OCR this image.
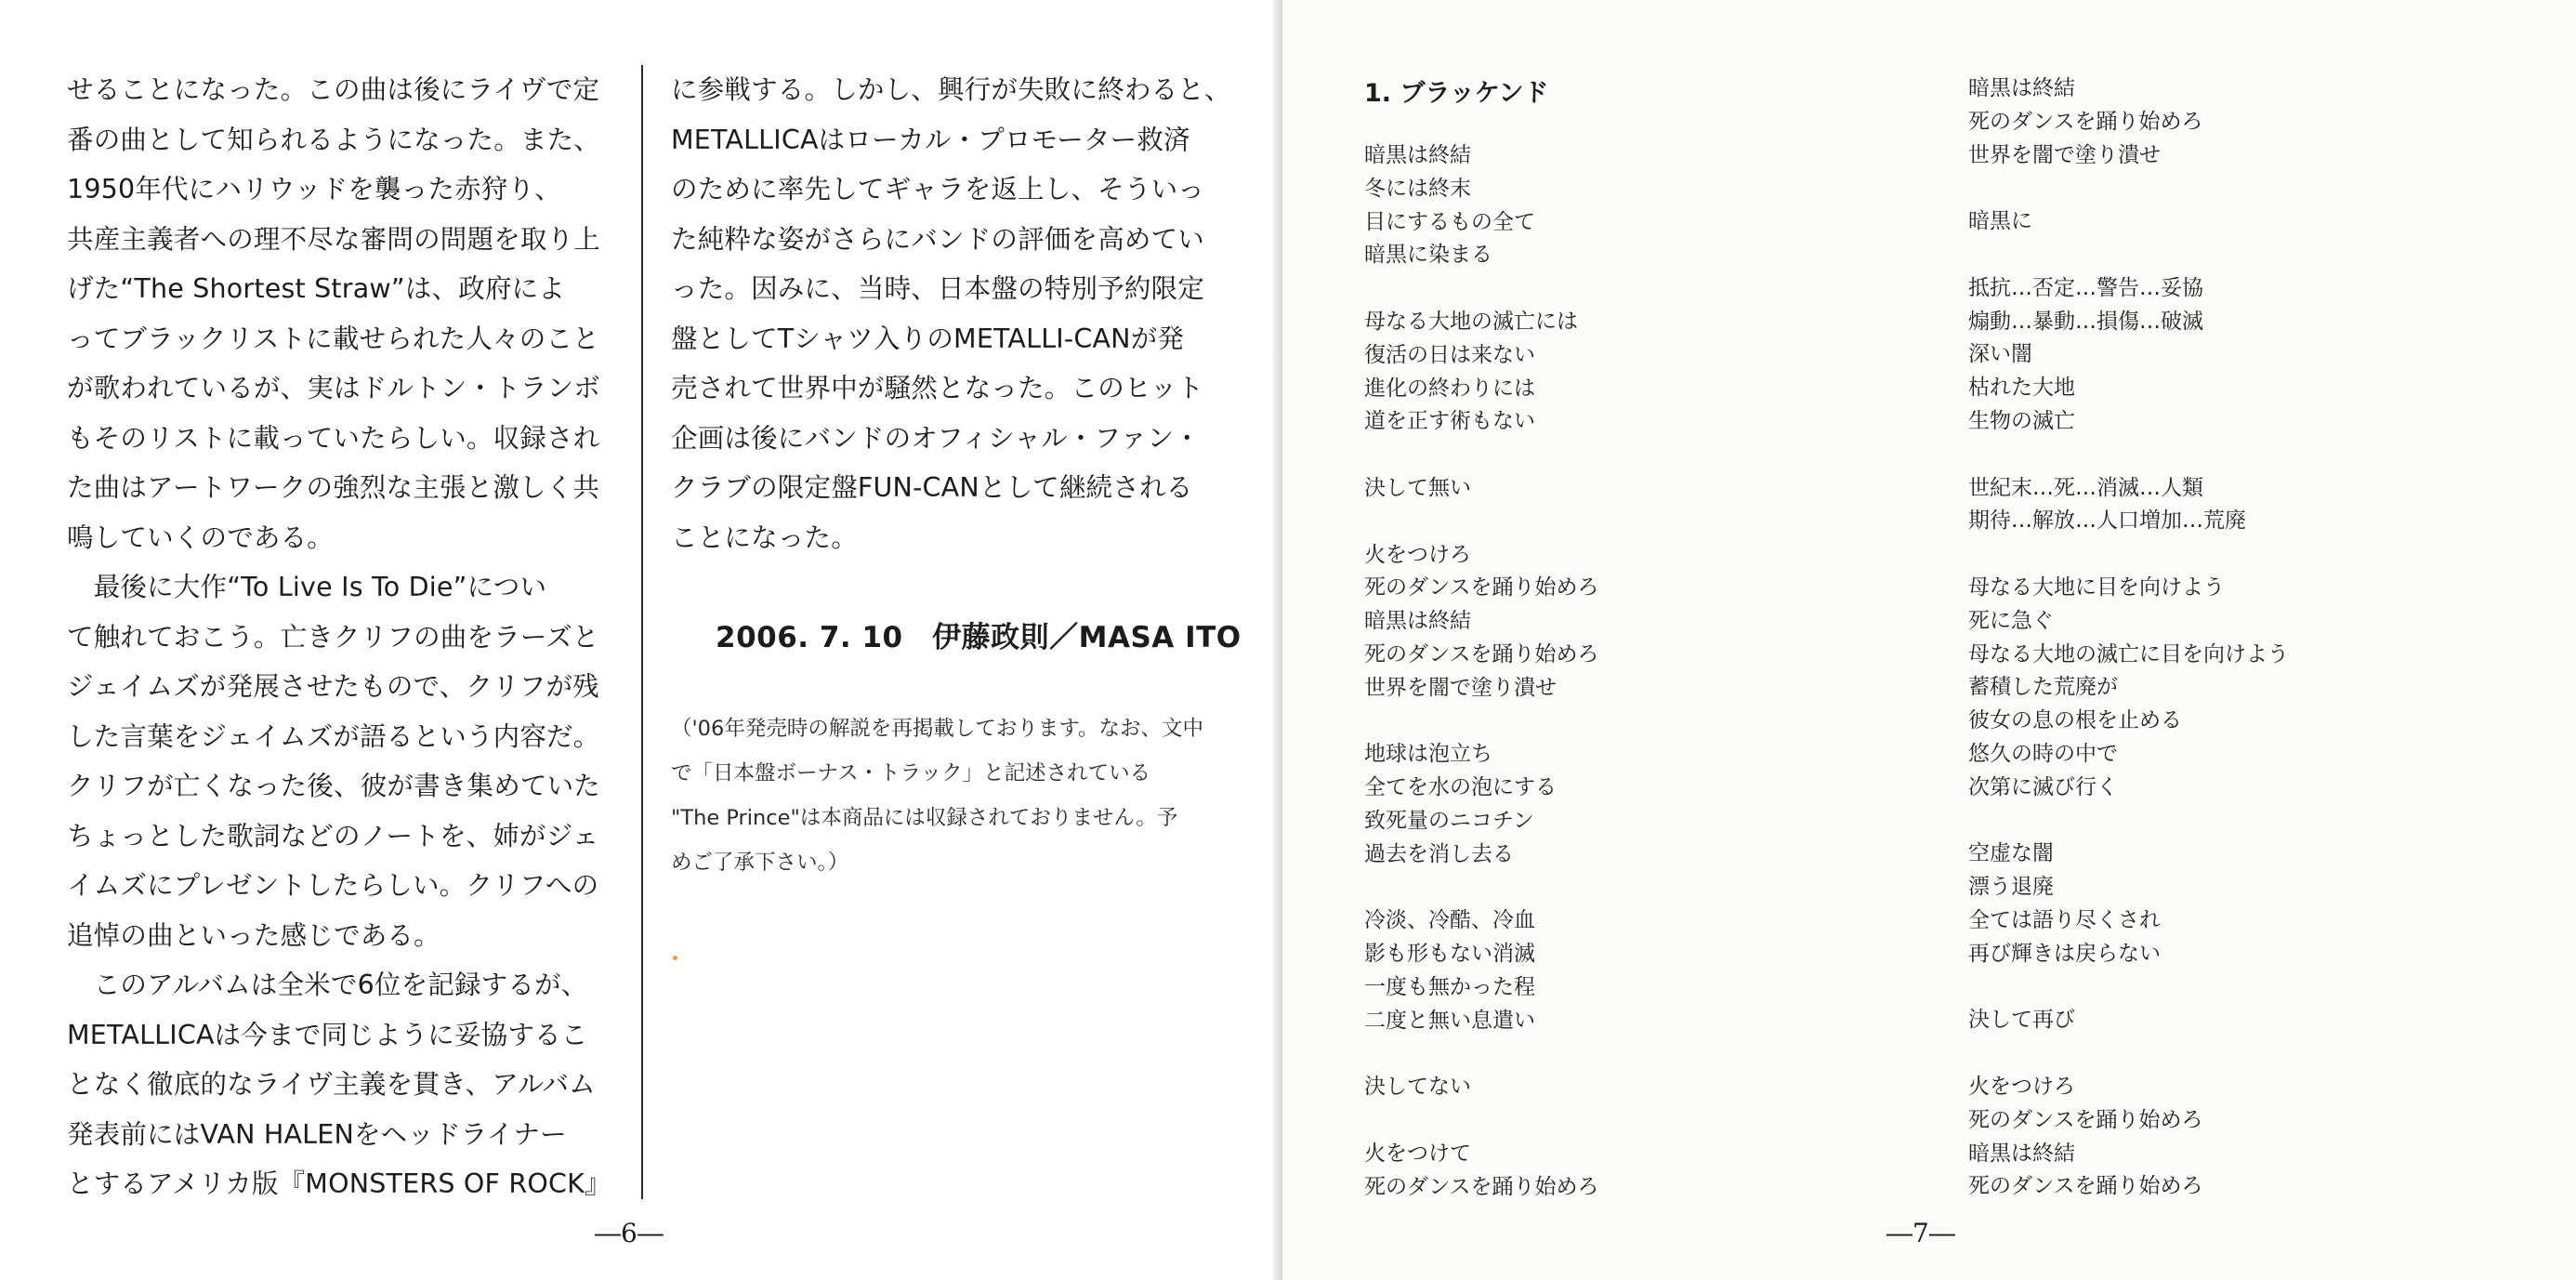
せることになった。この曲は後にライヴで定

番の曲として知られるようになった。また、

1950年代にハリウッドを襲った赤狩り、

共産主義者への理不尽な審問の問題を取り上

げた“The Shortest Straw”は、政府によ

ってブラックリストに載せられた人々のこと

が歌われているが、実はドルトン・トランボ

もそのリストに載っていたらしい。収録され

た曲はアートワークの強烈な主張と激しく共

鳴していくのである。

　最後に大作“To Live Is To Die”につい

て触れておこう。亡きクリフの曲をラーズと

ジェイムズが発展させたもので、クリフが残

した言葉をジェイムズが語るという内容だ。

クリフが亡くなった後、彼が書き集めていた

ちょっとした歌詞などのノートを、姉がジェ

イムズにプレゼントしたらしい。クリフへの

追悼の曲といった感じである。

　このアルバムは全米で6位を記録するが、

METALLICAは今まで同じように妥協するこ

となく徹底的なライヴ主義を貫き、アルバム

発表前にはVAN HALENをヘッドライナー

とするアメリカ版『MONSTERS OF ROCK』

に参戦する。しかし、興行が失敗に終わると、

METALLICAはローカル・プロモーター救済

のために率先してギャラを返上し、そういっ

た純粋な姿がさらにバンドの評価を高めてい

った。因みに、当時、日本盤の特別予約限定

盤としてTシャツ入りのMETALLI-CANが発

売されて世界中が騒然となった。このヒット

企画は後にバンドのオフィシャル・ファン・

クラブの限定盤FUN-CANとして継続される

ことになった。

2006. 7. 10　伊藤政則／MASA ITO

（'06年発売時の解説を再掲載しております。なお、文中

で「日本盤ボーナス・トラック」と記述されている

"The Prince"は本商品には収録されておりません。予

めご了承下さい。）

―6―
1. ブラッケンド

暗黒は終結

冬には終末

目にするもの全て

暗黒に染まる

母なる大地の滅亡には

復活の日は来ない

進化の終わりには

道を正す術もない

決して無い

火をつけろ

死のダンスを踊り始めろ

暗黒は終結

死のダンスを踊り始めろ

世界を闇で塗り潰せ

地球は泡立ち

全てを水の泡にする

致死量のニコチン

過去を消し去る

冷淡、冷酷、冷血

影も形もない消滅

一度も無かった程

二度と無い息遣い

決してない

火をつけて

死のダンスを踊り始めろ

暗黒は終結

死のダンスを踊り始めろ

世界を闇で塗り潰せ

暗黒に

抵抗…否定…警告…妥協

煽動…暴動…損傷…破滅

深い闇

枯れた大地

生物の滅亡

世紀末…死…消滅…人類

期待…解放…人口増加…荒廃

母なる大地に目を向けよう

死に急ぐ

母なる大地の滅亡に目を向けよう

蓄積した荒廃が

彼女の息の根を止める

悠久の時の中で

次第に滅び行く

空虚な闇

漂う退廃

全ては語り尽くされ

再び輝きは戻らない

決して再び

火をつけろ

死のダンスを踊り始めろ

暗黒は終結

死のダンスを踊り始めろ

―7―
